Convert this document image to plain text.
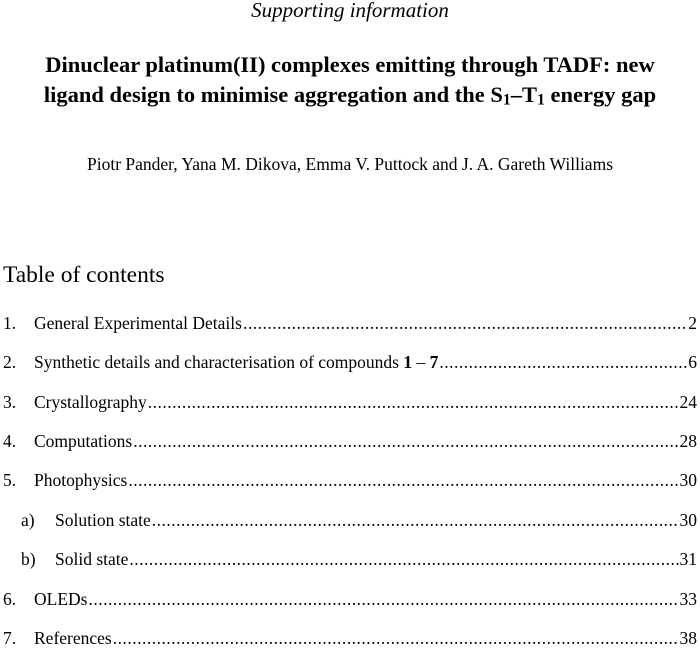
Supporting information
Dinuclear platinum(II) complexes emitting through TADF: new
ligand design to minimise aggregation and the $S_1-T_1$ energy gap
Piotr Pander, Yana M. Dikova, Emma V. Puttock and J. A. Gareth Williams
Table of contents
1.	General Experimental Details .....	2
2.	Synthetic details and characterisation of compounds 1 – 7 .....	6
3.	Crystallography .....	24
4.	Computations .....	28
5.	Photophysics .....	30
a)	Solution state .....	30
b)	Solid state .....	31
6.	OLEDs .....	33
7.	References .....	38
